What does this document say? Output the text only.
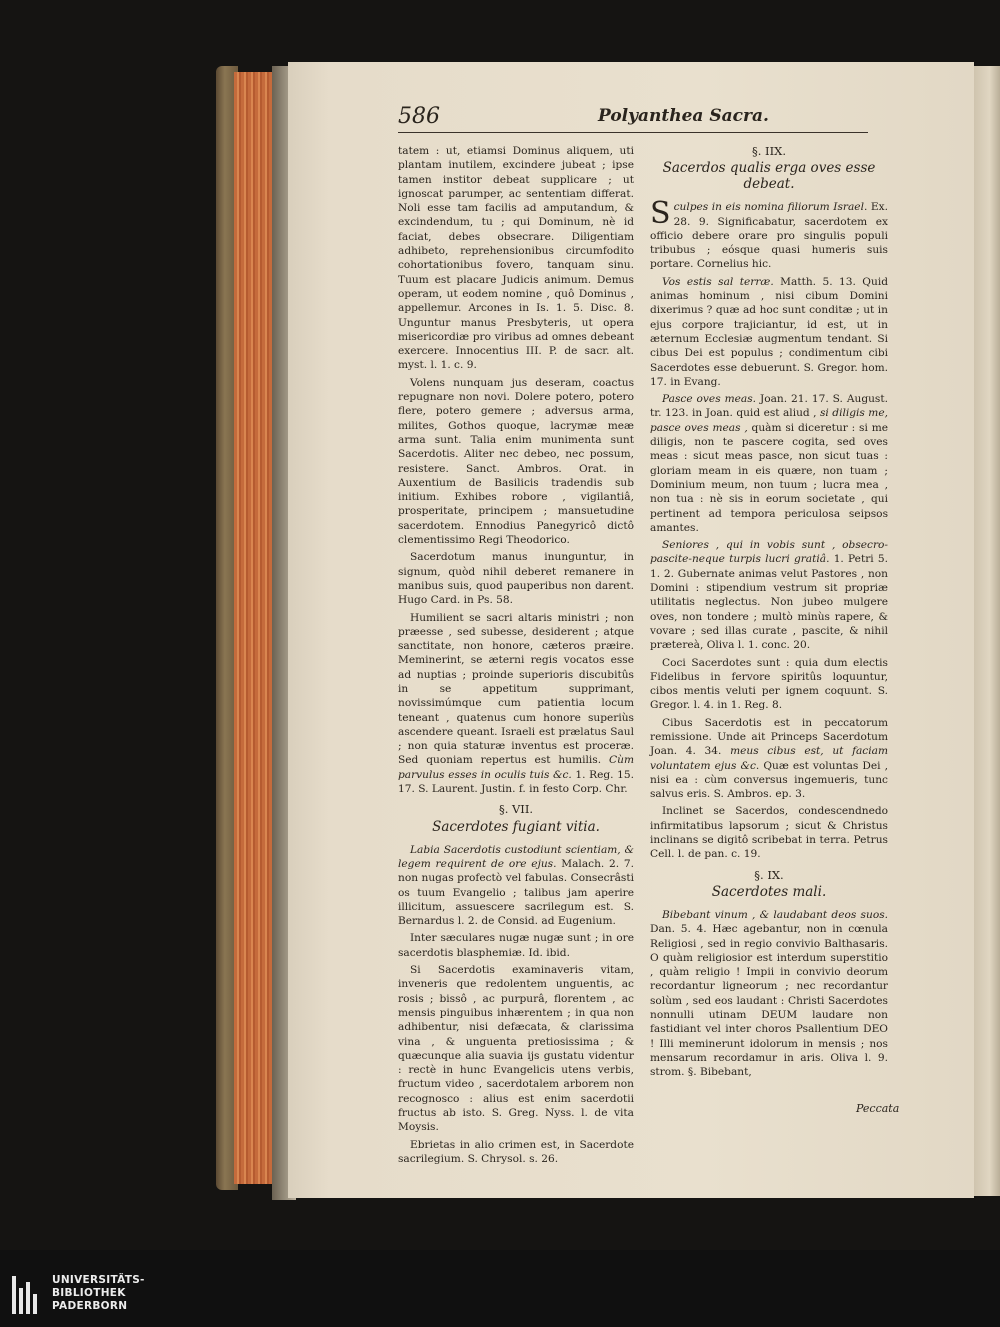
586	Polyanthea Sacra.

tatem : ut, etiamsi Dominus aliquem, uti plantam inutilem, excindere jubeat ; ipse tamen institor debeat supplicare ; ut ignoscat parumper, ac sententiam differat. Noli esse tam facilis ad amputandum, & excindendum, tu ; qui Dominum, nè id faciat, debes obsecrare. Diligentiam adhibeto, reprehensionibus circumfodito cohortationibus fovero, tanquam sinu. Tuum est placare Judicis animum. Demus operam, ut eodem nomine , quô Dominus , appellemur. Arcones in Is. 1. 5. Disc. 8. Unguntur manus Presbyteris, ut opera misericordiæ pro viribus ad omnes debeant exercere. Innocentius III. P. de sacr. alt. myst. l. 1. c. 9.

Volens nunquam jus deseram, coactus repugnare non novi. Dolere potero, potero flere, potero gemere ; adversus arma, milites, Gothos quoque, lacrymæ meæ arma sunt. Talia enim munimenta sunt Sacerdotis. Aliter nec debeo, nec possum, resistere. Sanct. Ambros. Orat. in Auxentium de Basilicis tradendis sub initium. Exhibes robore , vigilantiâ, prosperitate, principem ; mansuetudine sacerdotem. Ennodius Panegyricô dictô clementissimo Regi Theodorico.

Sacerdotum manus inunguntur, in signum, quòd nihil deberet remanere in manibus suis, quod pauperibus non darent. Hugo Card. in Ps. 58.

Humilient se sacri altaris ministri ; non præesse , sed subesse, desiderent ; atque sanctitate, non honore, cæteros præire. Meminerint, se æterni regis vocatos esse ad nuptias ; proinde superioris discubitûs in se appetitum supprimant, novissimúmque cum patientia locum teneant , quatenus cum honore superiùs ascendere queant. Israeli est prælatus Saul ; non quia staturæ inventus est proceræ. Sed quoniam repertus est humilis. Cùm parvulus esses in oculis tuis &c. 1. Reg. 15. 17. S. Laurent. Justin. f. in festo Corp. Chr.

§. VII.
Sacerdotes fugiant vitia.

Labia Sacerdotis custodiunt scientiam, & legem requirent de ore ejus. Malach. 2. 7. non nugas profectò vel fabulas. Consecrâsti os tuum Evangelio ; talibus jam aperire illicitum, assuescere sacrilegum est. S. Bernardus l. 2. de Consid. ad Eugenium.

Inter sæculares nugæ nugæ sunt ; in ore sacerdotis blasphemiæ. Id. ibid.

Si Sacerdotis examinaveris vitam, inveneris que redolentem unguentis, ac rosis ; bissô , ac purpurâ, florentem , ac mensis pinguibus inhærentem ; in qua non adhibentur, nisi defæcata, & clarissima vina , & unguenta pretiosissima ; & quæcunque alia suavia ijs gustatu videntur : rectè in hunc Evangelicis utens verbis, fructum video , sacerdotalem arborem non recognosco : alius est enim sacerdotii fructus ab isto. S. Greg. Nyss. l. de vita Moysis.

Ebrietas in alio crimen est, in Sacerdote sacrilegium. S. Chrysol. s. 26.

§. IIX.
Sacerdos qualis erga oves esse debeat.

Sculpes in eis nomina filiorum Israel. Ex. 28. 9. Significabatur, sacerdotem ex officio debere orare pro singulis populi tribubus ; eósque quasi humeris suis portare. Cornelius hic.

Vos estis sal terræ. Matth. 5. 13. Quid animas hominum , nisi cibum Domini dixerimus ? quæ ad hoc sunt conditæ ; ut in ejus corpore trajiciantur, id est, ut in æternum Ecclesiæ augmentum tendant. Si cibus Dei est populus ; condimentum cibi Sacerdotes esse debuerunt. S. Gregor. hom. 17. in Evang.

Pasce oves meas. Joan. 21. 17. S. August. tr. 123. in Joan. quid est aliud , si diligis me, pasce oves meas , quàm si diceretur : si me diligis, non te pascere cogita, sed oves meas : sicut meas pasce, non sicut tuas : gloriam meam in eis quære, non tuam ; Dominium meum, non tuum ; lucra mea , non tua : nè sis in eorum societate , qui pertinent ad tempora periculosa seipsos amantes.

Seniores , qui in vobis sunt , obsecro-pascite-neque turpis lucri gratiâ. 1. Petri 5. 1. 2. Gubernate animas velut Pastores , non Domini : stipendium vestrum sit propriæ utilitatis neglectus. Non jubeo mulgere oves, non tondere ; multò minùs rapere, & vovare ; sed illas curate , pascite, & nihil prætereà, Oliva l. 1. conc. 20.

Coci Sacerdotes sunt : quia dum electis Fidelibus in fervore spiritûs loquuntur, cibos mentis veluti per ignem coquunt. S. Gregor. l. 4. in 1. Reg. 8.

Cibus Sacerdotis est in peccatorum remissione. Unde ait Princeps Sacerdotum Joan. 4. 34. meus cibus est, ut faciam voluntatem ejus &c. Quæ est voluntas Dei , nisi ea : cùm conversus ingemueris, tunc salvus eris. S. Ambros. ep. 3.

Inclinet se Sacerdos, condescendnedo infirmitatibus lapsorum ; sicut & Christus inclinans se digitô scribebat in terra. Petrus Cell. l. de pan. c. 19.

§. IX.
Sacerdotes mali.

Bibebant vinum , & laudabant deos suos. Dan. 5. 4. Hæc agebantur, non in cœnula Religiosi , sed in regio convivio Balthasaris. O quàm religiosior est interdum superstitio , quàm religio ! Impii in convivio deorum recordantur ligneorum ; nec recordantur solùm , sed eos laudant : Christi Sacerdotes nonnulli utinam DEUM laudare non fastidiant vel inter choros Psallentium DEO ! Illi meminerunt idolorum in mensis ; nos mensarum recordamur in aris. Oliva l. 9. strom. §. Bibebant,

Peccata
UNIVERSITÄTS-
BIBLIOTHEK
PADERBORN
